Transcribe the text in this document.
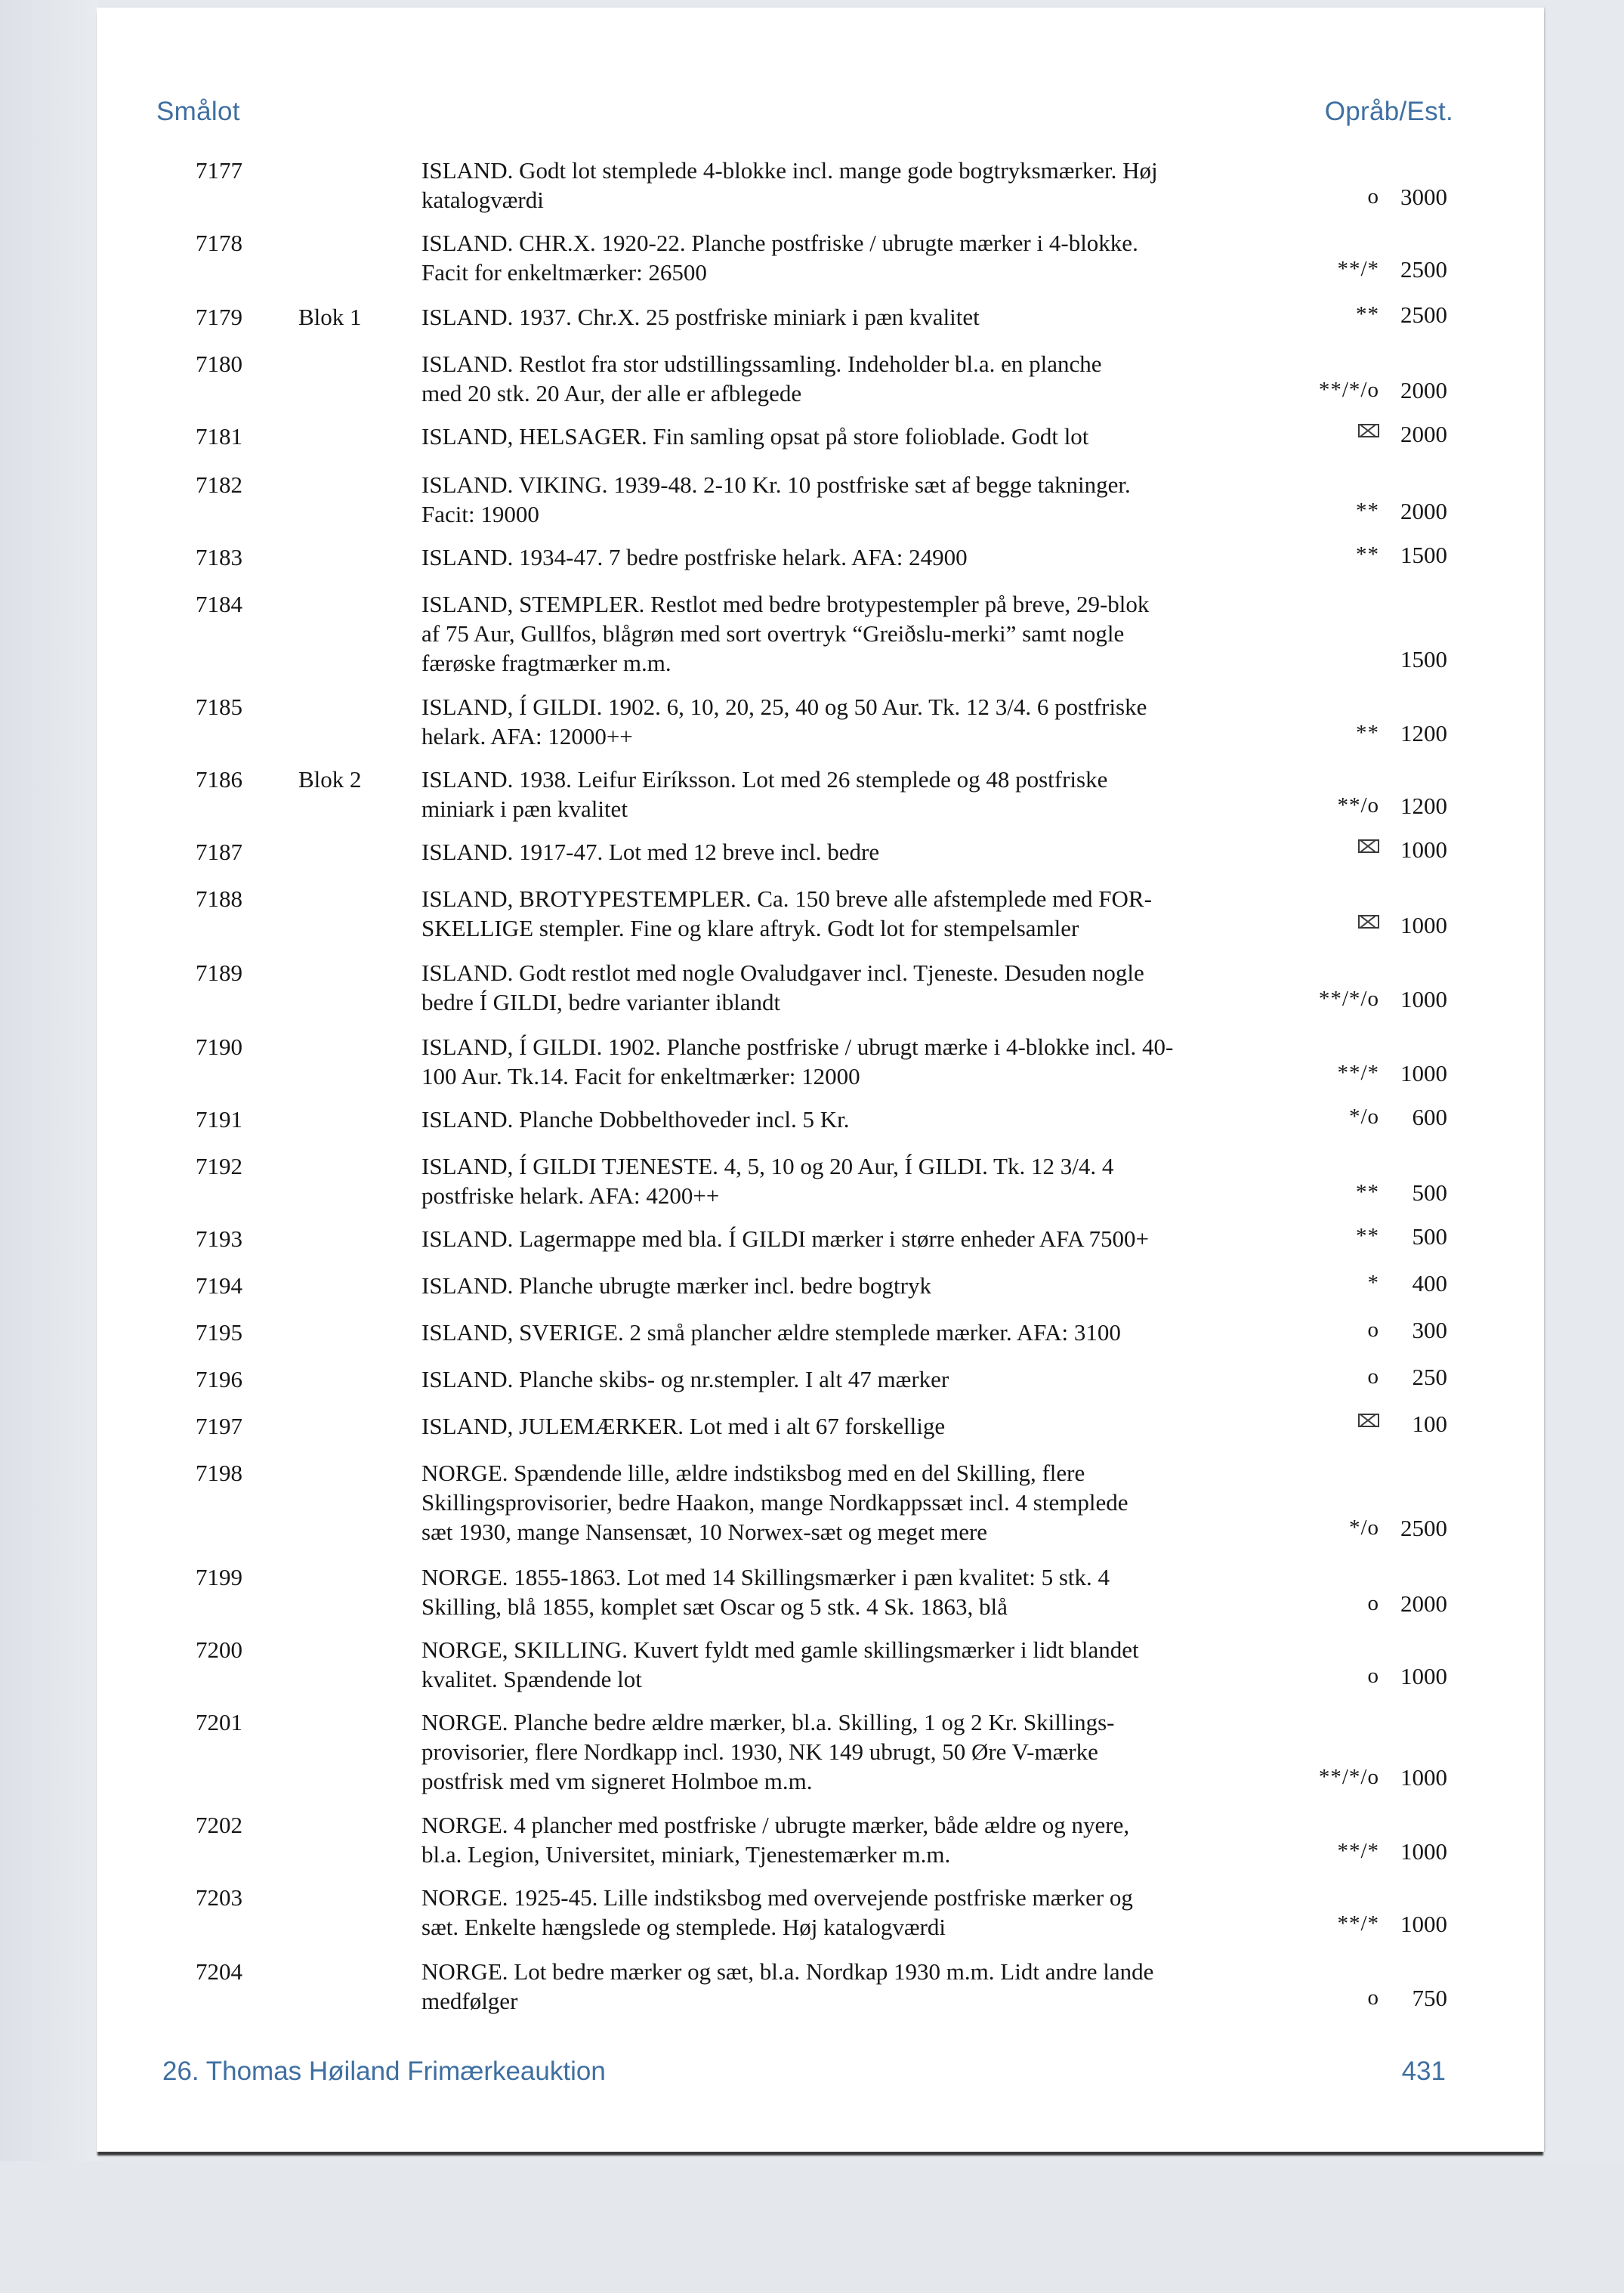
Smålot	Opråb/Est.
7177	ISLAND. Godt lot stemplede 4-blokke incl. mange gode bogtryksmærker. Høj
katalogværdi	o 3000
7178	ISLAND. CHR.X. 1920-22. Planche postfriske / ubrugte mærker i 4-blokke.
Facit for enkeltmærker: 26500	**/* 2500
7179 Blok 1	ISLAND. 1937. Chr.X. 25 postfriske miniark i pæn kvalitet	** 2500
7180	ISLAND. Restlot fra stor udstillingssamling. Indeholder bl.a. en planche
med 20 stk. 20 Aur, der alle er afblegede	**/*/o 2000
7181	ISLAND, HELSAGER. Fin samling opsat på store folioblade. Godt lot	2000
7182	ISLAND. VIKING. 1939-48. 2-10 Kr. 10 postfriske sæt af begge takninger.
Facit: 19000	** 2000
7183	ISLAND. 1934-47. 7 bedre postfriske helark. AFA: 24900	** 1500
7184	ISLAND, STEMPLER. Restlot med bedre brotypestempler på breve, 29-blok
af 75 Aur, Gullfos, blågrøn med sort overtryk “Greiðslu-merki” samt nogle
færøske fragtmærker m.m.	1500
7185	ISLAND, Í GILDI. 1902. 6, 10, 20, 25, 40 og 50 Aur. Tk. 12 3/4. 6 postfriske
helark. AFA: 12000++	** 1200
7186 Blok 2	ISLAND. 1938. Leifur Eiríksson. Lot med 26 stemplede og 48 postfriske
miniark i pæn kvalitet	**/o 1200
7187	ISLAND. 1917-47. Lot med 12 breve incl. bedre	1000
7188	ISLAND, BROTYPESTEMPLER. Ca. 150 breve alle afstemplede med FOR-
SKELLIGE stempler. Fine og klare aftryk. Godt lot for stempelsamler	1000
7189	ISLAND. Godt restlot med nogle Ovaludgaver incl. Tjeneste. Desuden nogle
bedre Í GILDI, bedre varianter iblandt	**/*/o 1000
7190	ISLAND, Í GILDI. 1902. Planche postfriske / ubrugt mærke i 4-blokke incl. 40-
100 Aur. Tk.14. Facit for enkeltmærker: 12000	**/* 1000
7191	ISLAND. Planche Dobbelthoveder incl. 5 Kr.	*/o 600
7192	ISLAND, Í GILDI TJENESTE. 4, 5, 10 og 20 Aur, Í GILDI. Tk. 12 3/4. 4
postfriske helark. AFA: 4200++	** 500
7193	ISLAND. Lagermappe med bla. Í GILDI mærker i større enheder AFA 7500+	** 500
7194	ISLAND. Planche ubrugte mærker incl. bedre bogtryk	* 400
7195	ISLAND, SVERIGE. 2 små plancher ældre stemplede mærker. AFA: 3100	o 300
7196	ISLAND. Planche skibs- og nr.stempler. I alt 47 mærker	o 250
7197	ISLAND, JULEMÆRKER. Lot med i alt 67 forskellige	100
7198	NORGE. Spændende lille, ældre indstiksbog med en del Skilling, flere
Skillingsprovisorier, bedre Haakon, mange Nordkappssæt incl. 4 stemplede
sæt 1930, mange Nansensæt, 10 Norwex-sæt og meget mere	*/o 2500
7199	NORGE. 1855-1863. Lot med 14 Skillingsmærker i pæn kvalitet: 5 stk. 4
Skilling, blå 1855, komplet sæt Oscar og 5 stk. 4 Sk. 1863, blå	o 2000
7200	NORGE, SKILLING. Kuvert fyldt med gamle skillingsmærker i lidt blandet
kvalitet. Spændende lot	o 1000
7201	NORGE. Planche bedre ældre mærker, bl.a. Skilling, 1 og 2 Kr. Skillings-
provisorier, flere Nordkapp incl. 1930, NK 149 ubrugt, 50 Øre V-mærke
postfrisk med vm signeret Holmboe m.m.	**/*/o 1000
7202	NORGE. 4 plancher med postfriske / ubrugte mærker, både ældre og nyere,
bl.a. Legion, Universitet, miniark, Tjenestemærker m.m.	**/* 1000
7203	NORGE. 1925-45. Lille indstiksbog med overvejende postfriske mærker og
sæt. Enkelte hængslede og stemplede. Høj katalogværdi	**/* 1000
7204	NORGE. Lot bedre mærker og sæt, bl.a. Nordkap 1930 m.m. Lidt andre lande
medfølger	o 750
26. Thomas Høiland Frimærkeauktion	431
